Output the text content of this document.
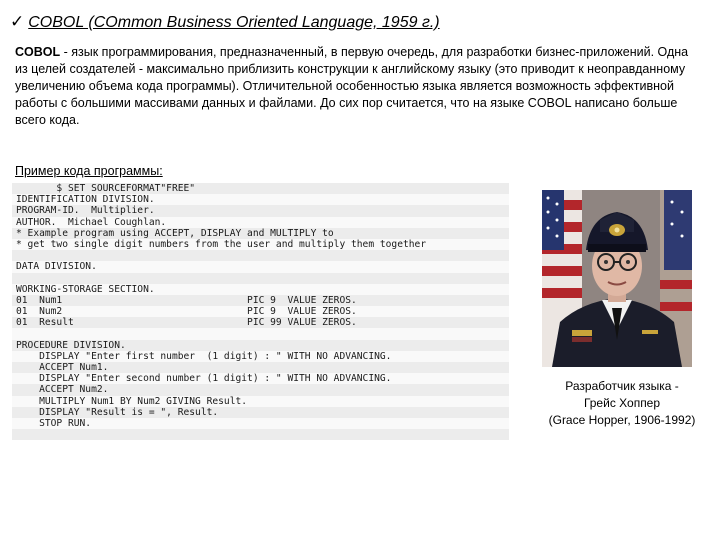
✓ COBOL (COmmon Business Oriented Language, 1959 г.)
COBOL - язык программирования, предназначенный, в первую очередь, для разработки бизнес-приложений. Одна из целей создателей - максимально приблизить конструкции к английскому языку (это приводит к неоправданному увеличению объема кода программы). Отличительной особенностью языка является возможность эффективной работы с большими массивами данных и файлами. До сих пор считается, что на языке COBOL написано больше всего кода.
Пример кода программы:
$ SET SOURCEFORMAT"FREE"
IDENTIFICATION DIVISION.
PROGRAM-ID.  Multiplier.
AUTHOR.  Michael Coughlan.
* Example program using ACCEPT, DISPLAY and MULTIPLY to
* get two single digit numbers from the user and multiply them together
DATA DIVISION.
WORKING-STORAGE SECTION.
01  Num1                                PIC 9  VALUE ZEROS.
01  Num2                                PIC 9  VALUE ZEROS.
01  Result                              PIC 99 VALUE ZEROS.
PROCEDURE DIVISION.
DISPLAY "Enter first number  (1 digit) : " WITH NO ADVANCING.
ACCEPT Num1.
DISPLAY "Enter second number (1 digit) : " WITH NO ADVANCING.
ACCEPT Num2.
MULTIPLY Num1 BY Num2 GIVING Result.
DISPLAY "Result is = ", Result.
STOP RUN.
Разработчик языка -
Грейс Хоппер
(Grace Hopper, 1906-1992)
